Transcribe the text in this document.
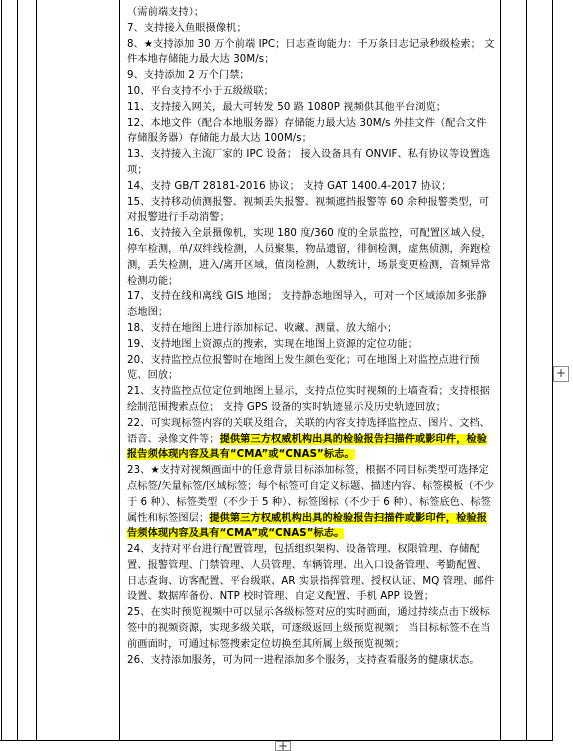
（需前端支持）；

7、支持接入鱼眼摄像机；

8、★支持添加 30 万个前端 IPC；日志查询能力：千万条日志记录秒级检索； 文件本地存储能力最大达 30M/s；

9、支持添加 2 万个门禁；

10、平台支持不小于五级级联；

11、支持接入网关，最大可转发 50 路 1080P 视频供其他平台浏览；

12、本地文件（配合本地服务器）存储能力最大达 30M/s 外挂文件（配合文件存储服务器）存储能力最大达 100M/s；

13、支持接入主流厂家的 IPC 设备； 接入设备具有 ONVIF、私有协议等设置选项；

14、支持 GB/T 28181-2016 协议； 支持 GAT 1400.4-2017 协议；

15、支持移动侦测报警、视频丢失报警、视频遮挡报警等 60 余种报警类型，可对报警进行手动消警；

16、支持接入全景摄像机，实现 180 度/360 度的全景监控，可配置区域入侵，停车检测，单/双绊线检测，人员聚集，物品遗留，徘徊检测，虚焦侦测，奔跑检测，丢失检测，进入/离开区域，值岗检测，人数统计，场景变更检测，音频异常检测功能；

17、支持在线和离线 GIS 地图； 支持静态地图导入，可对一个区域添加多张静态地图；

18、支持在地图上进行添加标记、收藏、测量、放大缩小；

19、支持地图上资源点的搜索，实现在地图上资源的定位功能；

20、支持监控点位报警时在地图上发生颜色变化；可在地图上对监控点进行预览、回放；

21、支持监控点位定位到地图上显示，支持点位实时视频的上墙查看；支持根据绘制范围搜索点位； 支持 GPS 设备的实时轨迹显示及历史轨迹回放；

22、可实现标签内容的关联及组合，关联的内容支持选择监控点、图片、文档、语音、录像文件等；提供第三方权威机构出具的检验报告扫描件或影印件，检验报告须体现内容及具有“CMA”或“CNAS”标志。

23、★支持对视频画面中的任意背景目标添加标签，根据不同目标类型可选择定点标签/矢量标签/区域标签；每个标签可自定义标题、描述内容、标签模板（不少于 6 种）、标签类型（不少于 5 种）、标签图标（不少于 6 种）、标签底色、标签属性和标签图层；提供第三方权威机构出具的检验报告扫描件或影印件，检验报告须体现内容及具有“CMA”或“CNAS”标志。

24、支持对平台进行配置管理，包括组织架构、设备管理、权限管理、存储配置、报警管理、门禁管理、人员管理、车辆管理、出入口设备管理、考勤配置、日志查询、访客配置、平台级联、AR 实景指挥管理、授权认证、MQ 管理、邮件设置、数据库备份、NTP 校时管理、自定义配置、手机 APP 设置；

25、在实时预览视频中可以显示各级标签对应的实时画面，通过持续点击下级标签中的视频资源，实现多级关联，可逐级返回上级预览视频； 当目标标签不在当前画面时，可通过标签搜索定位切换至其所属上级预览视频；

26、支持添加服务，可为同一进程添加多个服务，支持查看服务的健康状态。

+
+
